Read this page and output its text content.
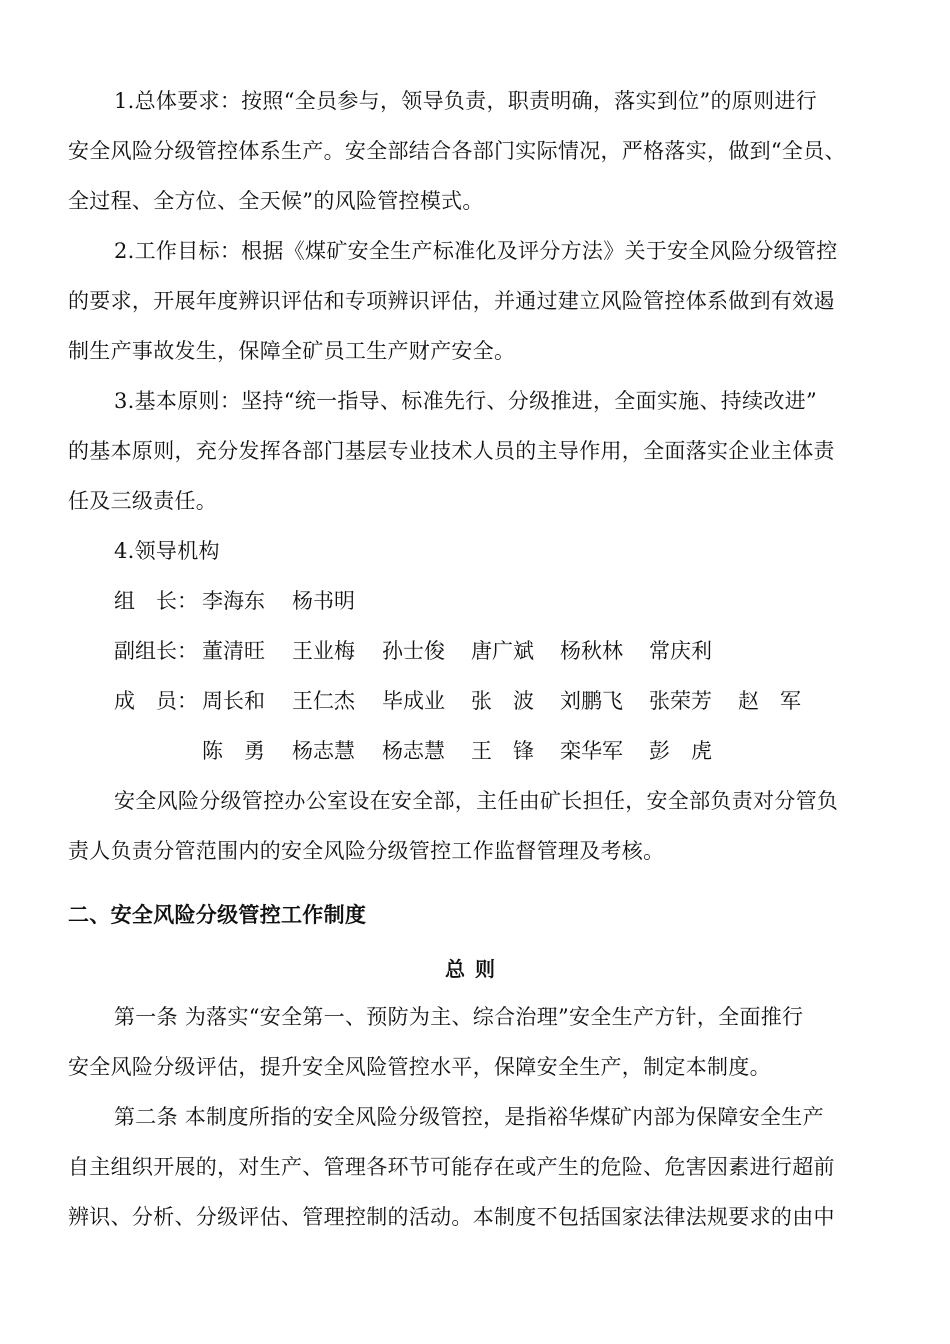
1.总体要求：按照“全员参与，领导负责，职责明确，落实到位”的原则进行
安全风险分级管控体系生产。安全部结合各部门实际情况，严格落实，做到“全员、
全过程、全方位、全天候”的风险管控模式。
2.工作目标：根据《煤矿安全生产标准化及评分方法》关于安全风险分级管控
的要求，开展年度辨识评估和专项辨识评估，并通过建立风险管控体系做到有效遏
制生产事故发生，保障全矿员工生产财产安全。
3.基本原则：坚持“统一指导、标准先行、分级推进，全面实施、持续改进”
的基本原则，充分发挥各部门基层专业技术人员的主导作用，全面落实企业主体责
任及三级责任。
4.领导机构
组　长： 李海东 杨书明
副组长： 董清旺 王业梅 孙士俊 唐广斌 杨秋林 常庆利
成　员： 周长和 王仁杰 毕成业 张　波 刘鹏飞 张荣芳 赵　军
陈　勇 杨志慧 杨志慧 王　锋 栾华军 彭　虎
安全风险分级管控办公室设在安全部，主任由矿长担任，安全部负责对分管负
责人负责分管范围内的安全风险分级管控工作监督管理及考核。
二、安全风险分级管控工作制度
总则
第一条 为落实“安全第一、预防为主、综合治理”安全生产方针，全面推行
安全风险分级评估，提升安全风险管控水平，保障安全生产，制定本制度。
第二条 本制度所指的安全风险分级管控，是指裕华煤矿内部为保障安全生产
自主组织开展的，对生产、管理各环节可能存在或产生的危险、危害因素进行超前
辨识、分析、分级评估、管理控制的活动。本制度不包括国家法律法规要求的由中
